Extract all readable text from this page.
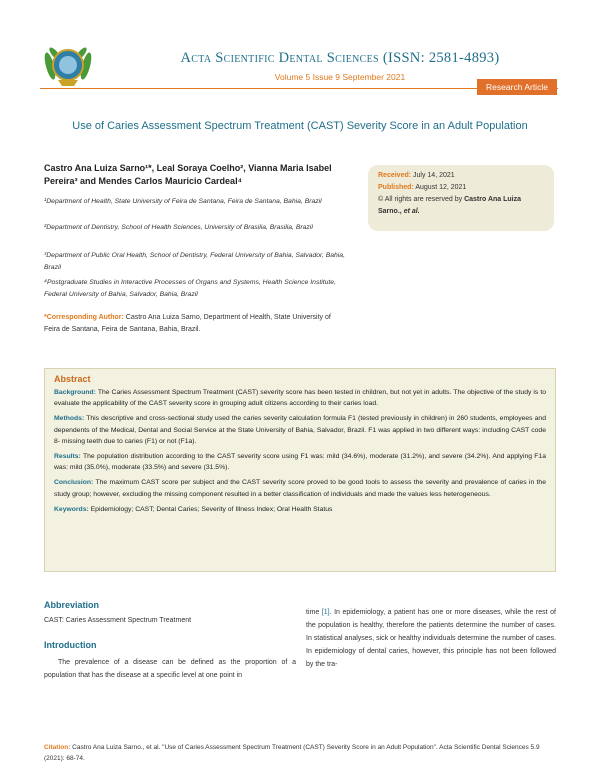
Acta Scientific Dental Sciences (ISSN: 2581-4893)
Volume 5 Issue 9 September 2021
Research Article
Use of Caries Assessment Spectrum Treatment (CAST) Severity Score in an Adult Population
Castro Ana Luiza Sarno¹*, Leal Soraya Coelho², Vianna Maria Isabel Pereira³ and Mendes Carlos Mauricio Cardeal⁴
¹Department of Health, State University of Feira de Santana, Feira de Santana, Bahia, Brazil
²Department of Dentistry, School of Health Sciences, University of Brasilia, Brasilia, Brazil
³Department of Public Oral Health, School of Dentistry, Federal University of Bahia, Salvador, Bahia, Brazil
⁴Postgraduate Studies in Interactive Processes of Organs and Systems, Health Science Institute, Federal University of Bahia, Salvador, Bahia, Brazil
*Corresponding Author: Castro Ana Luiza Sarno, Department of Health, State University of Feira de Santana, Feira de Santana, Bahia, Brazil.
Received: July 14, 2021
Published: August 12, 2021
© All rights are reserved by Castro Ana Luiza Sarno., et al.
Abstract

Background: The Caries Assessment Spectrum Treatment (CAST) severity score has been tested in children, but not yet in adults. The objective of the study is to evaluate the applicability of the CAST severity score in grouping adult citizens according to their caries load.

Methods: This descriptive and cross-sectional study used the caries severity calculation formula F1 (tested previously in children) in 260 students, employees and dependents of the Medical, Dental and Social Service at the State University of Bahia, Salvador, Brazil. F1 was applied in two different ways: including CAST code 8- missing teeth due to caries (F1) or not (F1a).

Results: The population distribution according to the CAST severity score using F1 was: mild (34.6%), moderate (31.2%), and severe (34.2%). And applying F1a was: mild (35.0%), moderate (33.5%) and severe (31.5%).

Conclusion: The maximum CAST score per subject and the CAST severity score proved to be good tools to assess the severity and prevalence of caries in the study group; however, excluding the missing component resulted in a better classification of individuals and made the values less heterogeneous.

Keywords: Epidemiology; CAST; Dental Caries; Severity of Illness Index; Oral Health Status

Abbreviation
CAST: Caries Assessment Spectrum Treatment
Introduction
The prevalence of a disease can be defined as the proportion of a population that has the disease at a specific level at one point in
time [1]. In epidemiology, a patient has one or more diseases, while the rest of the population is healthy, therefore the patients determine the number of cases. In statistical analyses, sick or healthy individuals determine the number of cases. In epidemiology of dental caries, however, this principle has not been followed by the tra-
Citation: Castro Ana Luiza Sarno., et al. "Use of Caries Assessment Spectrum Treatment (CAST) Severity Score in an Adult Population". Acta Scientific Dental Sciences 5.9 (2021): 68-74.
